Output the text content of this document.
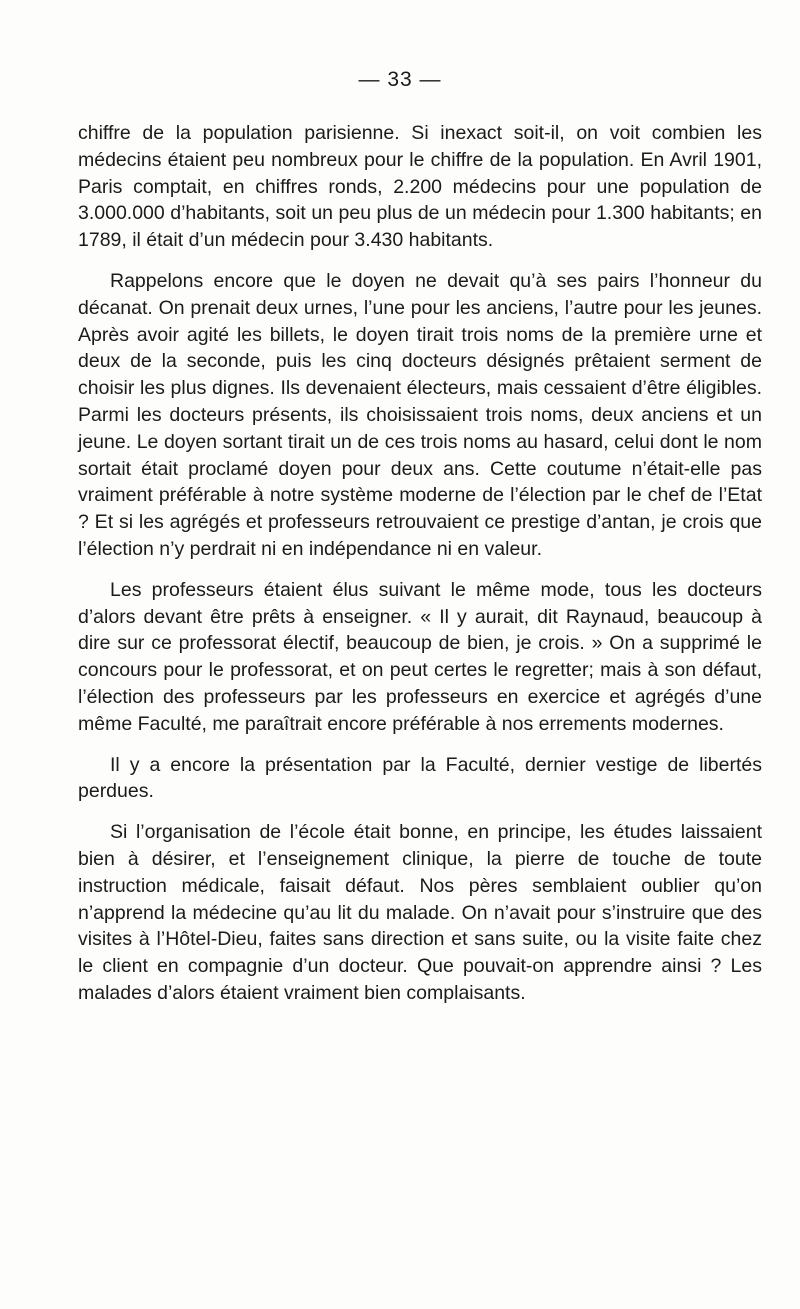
— 33 —

chiffre de la population parisienne. Si inexact soit-il, on voit combien les médecins étaient peu nombreux pour le chiffre de la population. En Avril 1901, Paris comptait, en chiffres ronds, 2.200 médecins pour une population de 3.000.000 d’habitants, soit un peu plus de un médecin pour 1.300 habitants; en 1789, il était d’un médecin pour 3.430 habitants.

Rappelons encore que le doyen ne devait qu’à ses pairs l’honneur du décanat. On prenait deux urnes, l’une pour les anciens, l’autre pour les jeunes. Après avoir agité les billets, le doyen tirait trois noms de la première urne et deux de la seconde, puis les cinq docteurs désignés prêtaient serment de choisir les plus dignes. Ils devenaient électeurs, mais cessaient d’être éligibles. Parmi les docteurs présents, ils choisissaient trois noms, deux anciens et un jeune. Le doyen sortant tirait un de ces trois noms au hasard, celui dont le nom sortait était proclamé doyen pour deux ans. Cette coutume n’était-elle pas vraiment préférable à notre système moderne de l’élection par le chef de l’Etat ? Et si les agrégés et professeurs retrouvaient ce prestige d’antan, je crois que l’élection n’y perdrait ni en indépendance ni en valeur.

Les professeurs étaient élus suivant le même mode, tous les docteurs d’alors devant être prêts à enseigner. « Il y aurait, dit Raynaud, beaucoup à dire sur ce professorat électif, beaucoup de bien, je crois. » On a supprimé le concours pour le professorat, et on peut certes le regretter; mais à son défaut, l’élection des professeurs par les professeurs en exercice et agrégés d’une même Faculté, me paraîtrait encore préférable à nos errements modernes.

Il y a encore la présentation par la Faculté, dernier vestige de libertés perdues.

Si l’organisation de l’école était bonne, en principe, les études laissaient bien à désirer, et l’enseignement clinique, la pierre de touche de toute instruction médicale, faisait défaut. Nos pères semblaient oublier qu’on n’apprend la médecine qu’au lit du malade. On n’avait pour s’instruire que des visites à l’Hôtel-Dieu, faites sans direction et sans suite, ou la visite faite chez le client en compagnie d’un docteur. Que pouvait-on apprendre ainsi ? Les malades d’alors étaient vraiment bien complaisants.
